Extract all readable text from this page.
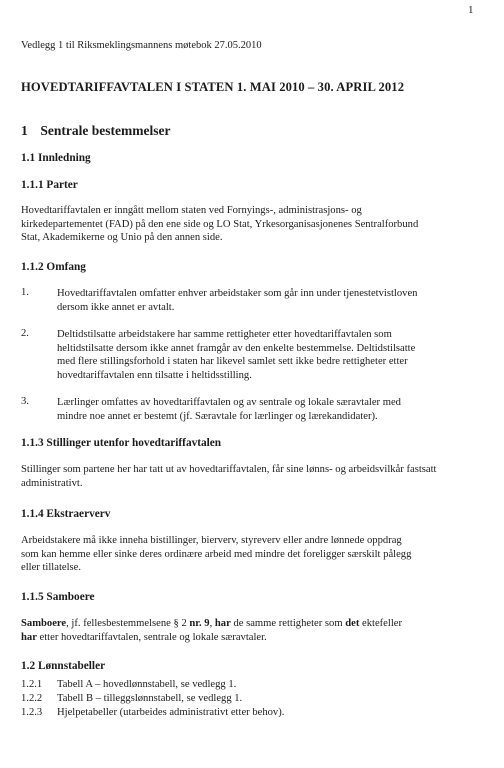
1
Vedlegg 1 til Riksmeklingsmannens møtebok 27.05.2010
HOVEDTARIFFAVTALEN I STATEN 1. MAI 2010 – 30. APRIL 2012
1 Sentrale bestemmelser
1.1 Innledning
1.1.1 Parter
Hovedtariffavtalen er inngått mellom staten ved Fornyings-, administrasjons- og
kirkedepartementet (FAD) på den ene side og LO Stat, Yrkesorganisasjonenes Sentralforbund
Stat, Akademikerne og Unio på den annen side.
1.1.2 Omfang
1.	Hovedtariffavtalen omfatter enhver arbeidstaker som går inn under tjenestetvistloven
dersom ikke annet er avtalt.
2.	Deltidstilsatte arbeidstakere har samme rettigheter etter hovedtariffavtalen som
heltidstilsatte dersom ikke annet framgår av den enkelte bestemmelse. Deltidstilsatte
med flere stillingsforhold i staten har likevel samlet sett ikke bedre rettigheter etter
hovedtariffavtalen enn tilsatte i heltidsstilling.
3.	Lærlinger omfattes av hovedtariffavtalen og av sentrale og lokale særavtaler med
mindre noe annet er bestemt (jf. Særavtale for lærlinger og lærekandidater).
1.1.3 Stillinger utenfor hovedtariffavtalen
Stillinger som partene her har tatt ut av hovedtariffavtalen, får sine lønns- og arbeidsvilkår fastsatt
administrativt.
1.1.4 Ekstraerverv
Arbeidstakere må ikke inneha bistillinger, bierverv, styreverv eller andre lønnede oppdrag
som kan hemme eller sinke deres ordinære arbeid med mindre det foreligger særskilt pålegg
eller tillatelse.
1.1.5 Samboere
Samboere, jf. fellesbestemmelsene § 2 nr. 9, har de samme rettigheter som det ektefeller
har etter hovedtariffavtalen, sentrale og lokale særavtaler.
1.2 Lønnstabeller
1.2.1 Tabell A – hovedlønnstabell, se vedlegg 1.
1.2.2 Tabell B – tilleggslønnstabell, se vedlegg 1.
1.2.3 Hjelpetabeller (utarbeides administrativt etter behov).
